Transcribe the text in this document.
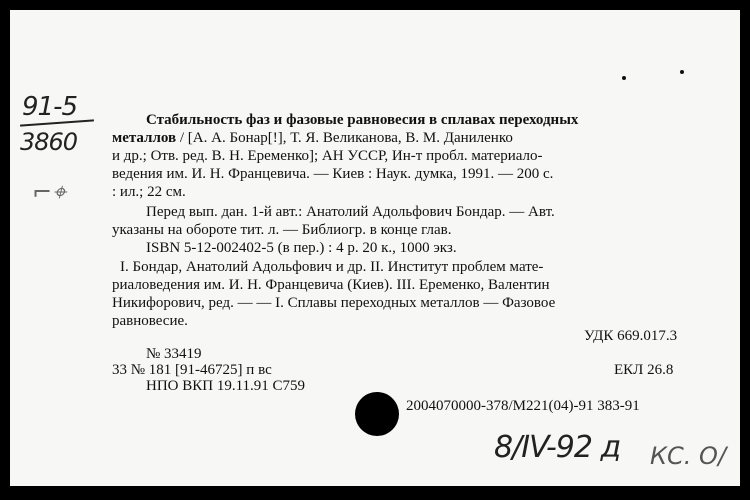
91-5
3860
⌐⌖
Стабильность фаз и фазовые равновесия в сплавах переходных
металлов / [А. А. Бонар[!], Т. Я. Великанова, В. М. Даниленко
и др.; Отв. ред. В. Н. Еременко]; АН УССР, Ин-т пробл. материало-
ведения им. И. Н. Францевича. — Киев : Наук. думка, 1991. — 200 с.
: ил.; 22 см.
Перед вып. дан. 1-й авт.: Анатолий Адольфович Бондар. — Авт.
указаны на обороте тит. л. — Библиогр. в конце глав.
ISBN 5-12-002402-5 (в пер.) : 4 р. 20 к., 1000 экз.
I. Бондар, Анатолий Адольфович и др. II. Институт проблем мате-
риаловедения им. И. Н. Францевича (Киев). III. Еременко, Валентин
Никифорович, ред. — — I. Сплавы переходных металлов — Фазовое
равновесие.
УДК 669.017.3
№ 33419
33 № 181 [91-46725] п вс	ЕКЛ 26.8
НПО ВКП 19.11.91 С759
2004070000-378/M221(04)-91 383-91
8/IV-92 д КС. О/
